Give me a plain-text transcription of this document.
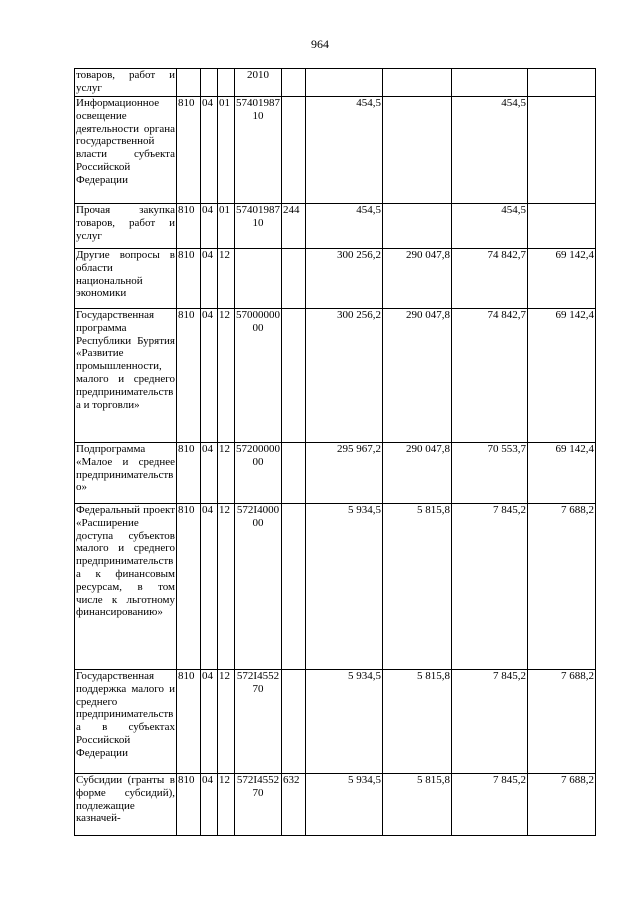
964
товаров, работ и услуг				2010					
Информационное освещение деятельности органа государственной власти субъекта Российской Федерации	810	04	01	5740198710		454,5		454,5	
Прочая закупка товаров, работ и услуг	810	04	01	5740198710	244	454,5		454,5	
Другие вопросы в области национальной экономики	810	04	12			300 256,2	290 047,8	74 842,7	69 142,4
Государственная программа Республики Бурятия «Развитие промышленности, малого и среднего предпринимательства и торговли»	810	04	12	5700000000		300 256,2	290 047,8	74 842,7	69 142,4
Подпрограмма «Малое и среднее предпринимательство»	810	04	12	5720000000		295 967,2	290 047,8	70 553,7	69 142,4
Федеральный проект «Расширение доступа субъектов малого и среднего предпринимательства к финансовым ресурсам, в том числе к льготному финансированию»	810	04	12	572I400000		5 934,5	5 815,8	7 845,2	7 688,2
Государственная поддержка малого и среднего предпринимательства в субъектах Российской Федерации	810	04	12	572I455270		5 934,5	5 815,8	7 845,2	7 688,2
Субсидии (гранты в форме субсидий), подлежащие казначей-	810	04	12	572I455270	632	5 934,5	5 815,8	7 845,2	7 688,2
